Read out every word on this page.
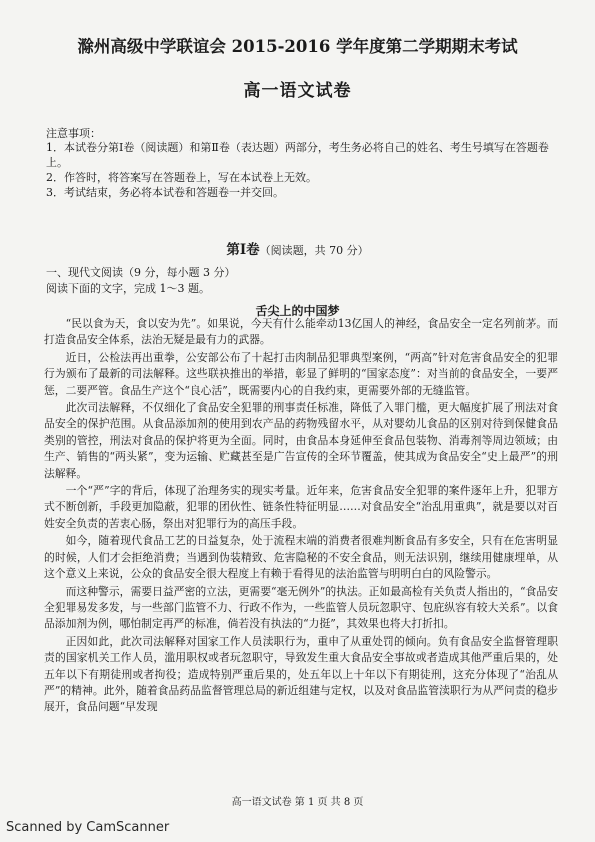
滁州高级中学联谊会 2015-2016 学年度第二学期期末考试
高一语文试卷
注意事项：
1．本试卷分第Ⅰ卷（阅读题）和第Ⅱ卷（表达题）两部分，考生务必将自己的姓名、考生号填写在答题卷上。
2．作答时，将答案写在答题卷上，写在本试卷上无效。
3．考试结束，务必将本试卷和答题卷一并交回。
第Ⅰ卷（阅读题，共 70 分）
一、现代文阅读（9 分，每小题 3 分）
阅读下面的文字，完成 1～3 题。
舌尖上的中国梦

“民以食为天，食以安为先”。如果说，今天有什么能牵动13亿国人的神经，食品安全一定名列前茅。而打造食品安全体系，法治无疑是最有力的武器。

近日，公检法再出重拳，公安部公布了十起打击肉制品犯罪典型案例，“两高”针对危害食品安全的犯罪行为颁布了最新的司法解释。这些联袂推出的举措，彰显了鲜明的“国家态度”：对当前的食品安全，一要严惩，二要严管。食品生产这个“良心活”，既需要内心的自我约束，更需要外部的无缝监管。

此次司法解释，不仅细化了食品安全犯罪的刑事责任标准，降低了入罪门槛，更大幅度扩展了刑法对食品安全的保护范围。从食品添加剂的使用到农产品的药物残留水平，从对婴幼儿食品的区别对待到保健食品类别的管控，刑法对食品的保护将更为全面。同时，由食品本身延伸至食品包装物、消毒剂等周边领域；由生产、销售的“两头紧”，变为运输、贮藏甚至是广告宣传的全环节覆盖，使其成为食品安全“史上最严”的刑法解释。

一个“严”字的背后，体现了治理务实的现实考量。近年来，危害食品安全犯罪的案件逐年上升，犯罪方式不断创新，手段更加隐蔽，犯罪的团伙性、链条性特征明显……对食品安全“治乱用重典”，就是要以对百姓安全负责的苦衷心肠，祭出对犯罪行为的高压手段。

如今，随着现代食品工艺的日益复杂，处于流程末端的消费者很难判断食品有多安全，只有在危害明显的时候，人们才会拒绝消费；当遇到伪装精致、危害隐秘的不安全食品，则无法识别，继续用健康埋单，从这个意义上来说，公众的食品安全很大程度上有赖于看得见的法治监管与明明白白的风险警示。

而这种警示，需要日益严密的立法，更需要“毫无例外”的执法。正如最高检有关负责人指出的，“食品安全犯罪易发多发，与一些部门监管不力、行政不作为，一些监管人员玩忽职守、包庇纵容有较大关系”。以食品添加剂为例，哪怕制定再严的标准，倘若没有执法的“力挺”，其效果也将大打折扣。

正因如此，此次司法解释对国家工作人员渎职行为，重申了从重处罚的倾向。负有食品安全监督管理职责的国家机关工作人员，滥用职权或者玩忽职守，导致发生重大食品安全事故或者造成其他严重后果的，处五年以下有期徒刑或者拘役；造成特别严重后果的，处五年以上十年以下有期徒刑，这充分体现了“治乱从严”的精神。此外，随着食品药品监督管理总局的新近组建与定权，以及对食品监管渎职行为从严问责的稳步展开，食品问题“早发现

高一语文试卷 第 1 页 共 8 页
Scanned by CamScanner
